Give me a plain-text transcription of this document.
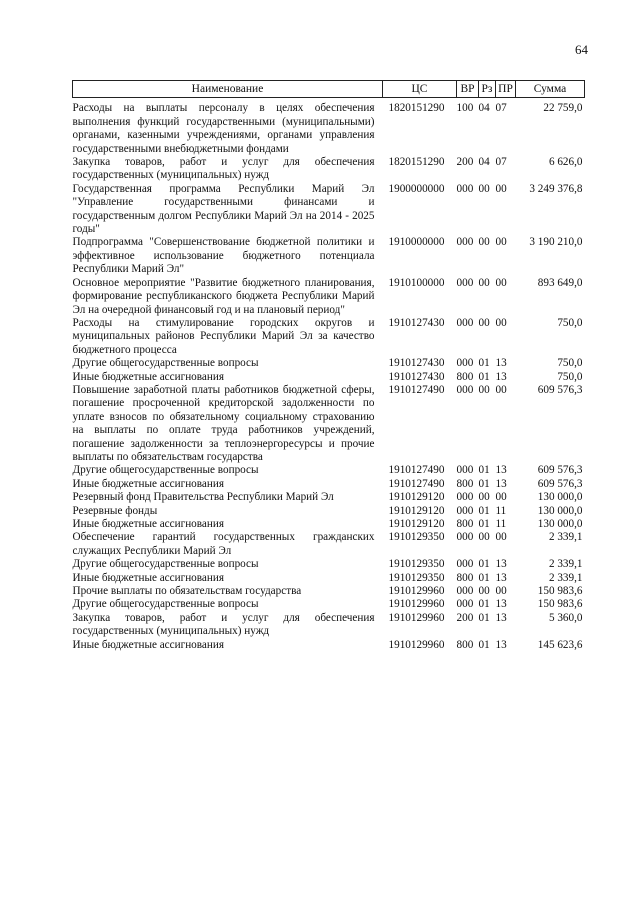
64
Наименование	ЦС	ВР	Рз	ПР	Сумма
Расходы на выплаты персоналу в целях обеспечения выполнения функций государственными (муниципальными) органами, казенными учреждениями, органами управления государственными внебюджетными фондами	1820151290	100	04	07	22 759,0
Закупка товаров, работ и услуг для обеспечения государственных (муниципальных) нужд	1820151290	200	04	07	6 626,0
Государственная программа Республики Марий Эл "Управление государственными финансами и государственным долгом Республики Марий Эл на 2014 - 2025 годы"	1900000000	000	00	00	3 249 376,8
Подпрограмма "Совершенствование бюджетной политики и эффективное использование бюджетного потенциала Республики Марий Эл"	1910000000	000	00	00	3 190 210,0
Основное мероприятие "Развитие бюджетного планирования, формирование республиканского бюджета Республики Марий Эл на очередной финансовый год и на плановый период"	1910100000	000	00	00	893 649,0
Расходы на стимулирование городских округов и муниципальных районов Республики Марий Эл за качество бюджетного процесса	1910127430	000	00	00	750,0
Другие общегосударственные вопросы	1910127430	000	01	13	750,0
Иные бюджетные ассигнования	1910127430	800	01	13	750,0
Повышение заработной платы работников бюджетной сферы, погашение просроченной кредиторской задолженности по уплате взносов по обязательному социальному страхованию на выплаты по оплате труда работников учреждений, погашение задолженности за теплоэнергоресурсы и прочие выплаты по обязательствам государства	1910127490	000	00	00	609 576,3
Другие общегосударственные вопросы	1910127490	000	01	13	609 576,3
Иные бюджетные ассигнования	1910127490	800	01	13	609 576,3
Резервный фонд Правительства Республики Марий Эл	1910129120	000	00	00	130 000,0
Резервные фонды	1910129120	000	01	11	130 000,0
Иные бюджетные ассигнования	1910129120	800	01	11	130 000,0
Обеспечение гарантий государственных гражданских служащих Республики Марий Эл	1910129350	000	00	00	2 339,1
Другие общегосударственные вопросы	1910129350	000	01	13	2 339,1
Иные бюджетные ассигнования	1910129350	800	01	13	2 339,1
Прочие выплаты по обязательствам государства	1910129960	000	00	00	150 983,6
Другие общегосударственные вопросы	1910129960	000	01	13	150 983,6
Закупка товаров, работ и услуг для обеспечения государственных (муниципальных) нужд	1910129960	200	01	13	5 360,0
Иные бюджетные ассигнования	1910129960	800	01	13	145 623,6
